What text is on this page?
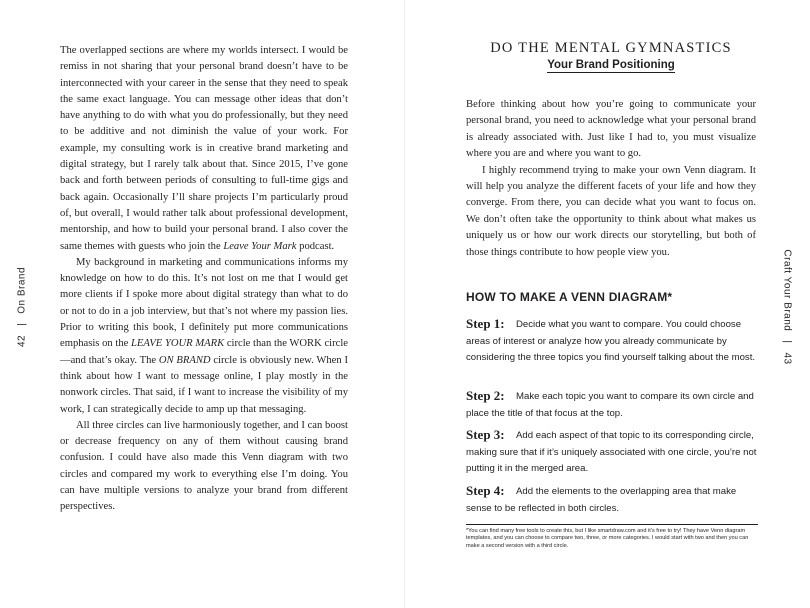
42|On Brand

The overlapped sections are where my worlds intersect. I would be remiss in not sharing that your personal brand doesn’t have to be interconnected with your career in the sense that they need to speak the same exact language. You can message other ideas that don’t have anything to do with what you do professionally, but they need to be additive and not diminish the value of your work. For example, my consulting work is in creative brand marketing and digital strategy, but I rarely talk about that. Since 2015, I’ve gone back and forth between periods of consulting to full-time gigs and back again. Occasionally I’ll share projects I’m particularly proud of, but overall, I would rather talk about professional development, mentorship, and how to build your personal brand. I also cover the same themes with guests who join the Leave Your Mark podcast.

My background in marketing and communications informs my knowledge on how to do this. It’s not lost on me that I would get more clients if I spoke more about digital strategy than what to do or not to do in a job interview, but that’s not where my passion lies. Prior to writing this book, I definitely put more communications emphasis on the LEAVE YOUR MARK circle than the WORK circle—and that’s okay. The ON BRAND circle is obviously new. When I think about how I want to message online, I play mostly in the nonwork circles. That said, if I want to increase the visibility of my work, I can strategically decide to amp up that messaging.

All three circles can live harmoniously together, and I can boost or decrease frequency on any of them without causing brand confusion. I could have also made this Venn diagram with two circles and compared my work to everything else I’m doing. You can have multiple versions to analyze your brand from different perspectives.

DO THE MENTAL GYMNASTICS
Your Brand Positioning

Before thinking about how you’re going to communicate your personal brand, you need to acknowledge what your personal brand is already associated with. Just like I had to, you must visualize where you are and where you want to go.

I highly recommend trying to make your own Venn diagram. It will help you analyze the different facets of your life and how they converge. From there, you can decide what you want to focus on. We don’t often take the opportunity to think about what makes us uniquely us or how our work directs our storytelling, but both of those things contribute to how people view you.

HOW TO MAKE A VENN DIAGRAM*
Step 1:	Decide what you want to compare. You could choose areas of interest or analyze how you already communicate by considering the three topics you find yourself talking about the most.
Step 2:	Make each topic you want to compare its own circle and place the title of that focus at the top.
Step 3:	Add each aspect of that topic to its corresponding circle, making sure that if it’s uniquely associated with one circle, you’re not putting it in the merged area.
Step 4:	Add the elements to the overlapping area that make sense to be reflected in both circles.
*You can find many free tools to create this, but I like smartdraw.com and it’s free to try! They have Venn diagram templates, and you can choose to compare two, three, or more categories. I would start with two and then you can make a second version with a third circle.
Craft Your Brand|43
